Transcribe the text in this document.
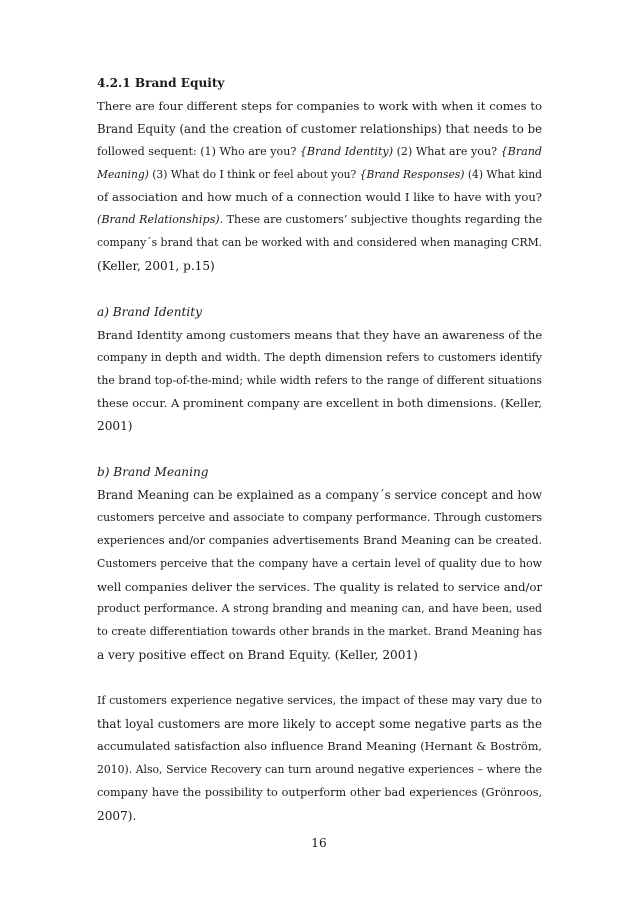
4.2.1 Brand Equity
There are four different steps for companies to work with when it comes to
Brand Equity (and the creation of customer relationships) that needs to be
followed sequent: (1) Who are you? {Brand Identity) (2) What are you? {Brand
Meaning) (3) What do I think or feel about you? {Brand Responses) (4) What kind
of association and how much of a connection would I like to have with you?
(Brand Relationships). These are customers’ subjective thoughts regarding the
company´s brand that can be worked with and considered when managing CRM.
(Keller, 2001, p.15)
a) Brand Identity
Brand Identity among customers means that they have an awareness of the
company in depth and width. The depth dimension refers to customers identify
the brand top-of-the-mind; while width refers to the range of different situations
these occur. A prominent company are excellent in both dimensions. (Keller,
2001)
b) Brand Meaning
Brand Meaning can be explained as a company´s service concept and how
customers perceive and associate to company performance. Through customers
experiences and/or companies advertisements Brand Meaning can be created.
Customers perceive that the company have a certain level of quality due to how
well companies deliver the services. The quality is related to service and/or
product performance. A strong branding and meaning can, and have been, used
to create differentiation towards other brands in the market. Brand Meaning has
a very positive effect on Brand Equity. (Keller, 2001)
If customers experience negative services, the impact of these may vary due to
that loyal customers are more likely to accept some negative parts as the
accumulated satisfaction also influence Brand Meaning (Hernant & Boström,
2010). Also, Service Recovery can turn around negative experiences – where the
company have the possibility to outperform other bad experiences (Grönroos,
2007).
16
